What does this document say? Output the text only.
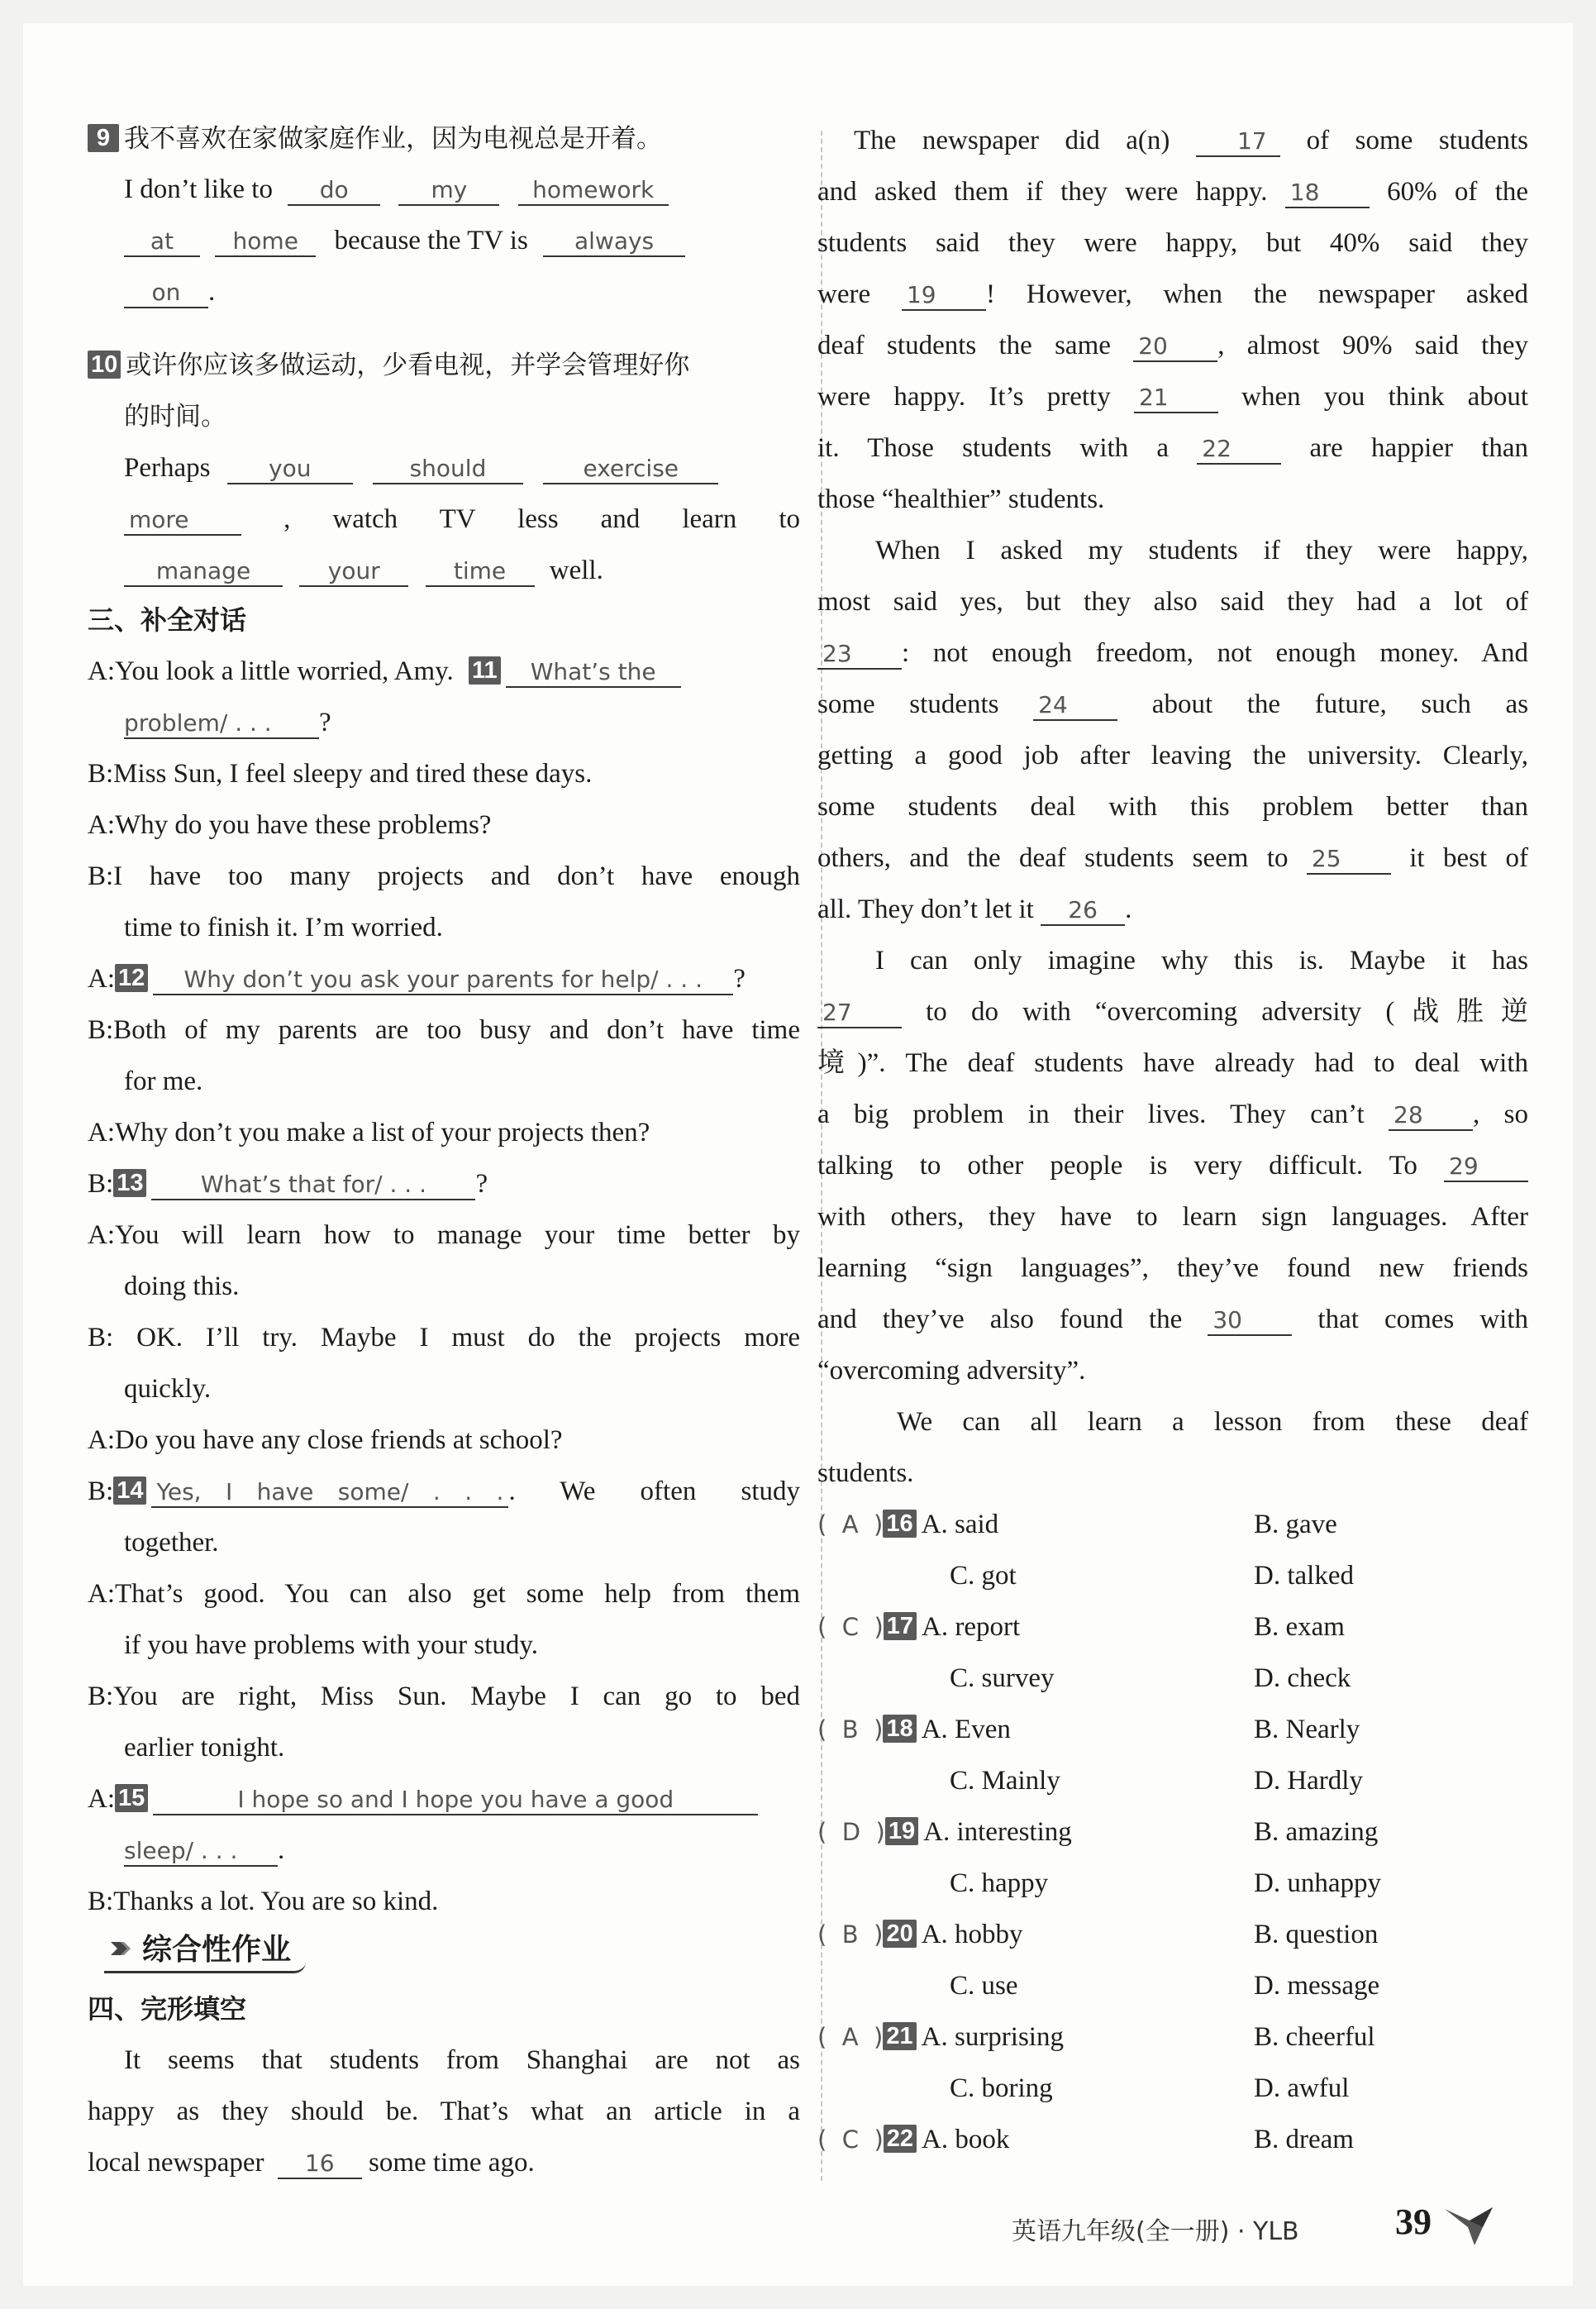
9 我不喜欢在家做家庭作业，因为电视总是开着。
I don’t like to do	my	homework
at	home because the TV is always
on .
10 或许你应该多做运动，少看电视，并学会管理好你
的时间。
Perhaps	you	should	exercise
more	, watch TV less and learn to
manage	your	time well.
三、补全对话
A:You look a little worried, Amy. 11 What’s the
problem/ . . . ?
B:Miss Sun, I feel sleepy and tired these days.
A:Why do you have these problems?
B:I have too many projects and don’t have enough
time to finish it. I’m worried.
A: 12 Why don’t you ask your parents for help/ . . . ?
B:Both of my parents are too busy and don’t have time
for me.
A:Why don’t you make a list of your projects then?
B: 13 What’s that for/ . . . ?
A:You will learn how to manage your time better by
doing this.
B: OK. I’ll try. Maybe I must do the projects more
quickly.
A:Do you have any close friends at school?
B: 14 Yes, I have some/ . . . . We often study
together.
A:That’s good. You can also get some help from them
if you have problems with your study.
B:You are right, Miss Sun. Maybe I can go to bed
earlier tonight.
A: 15	I hope so and I hope you have a good
sleep/ . . . .
B:Thanks a lot. You are so kind.
综合性作业
四、完形填空
It seems that students from Shanghai are not as
happy as they should be. That’s what an article in a
local newspaper 16 some time ago.
The newspaper did a(n)	17 of some students
and asked them if they were happy. 18 60% of the
students said they were happy, but 40% said they
were 19 ! However, when the newspaper asked
deaf students the same 20 , almost 90% said they
were happy. It’s pretty 21	when you think about
it. Those students with a 22	are happier than
those “healthier” students.
When I asked my students if they were happy,
most said yes, but they also said they had a lot of
23 : not enough freedom, not enough money. And
some students 24	about the future, such as
getting a good job after leaving the university. Clearly,
some students deal with this problem better than
others, and the deaf students seem to 25	it best of
all. They don’t let it 26 .
I can only imagine why this is. Maybe it has
27	to do with “overcoming adversity (战胜逆
境)”. The deaf students have already had to deal with
a big problem in their lives. They can’t 28 , so
talking to other people is very difficult. To 29
with others, they have to learn sign languages. After
learning “sign languages”, they’ve found new friends
and they’ve also found the 30	that comes with
“overcoming adversity”.
We can all learn a lesson from these deaf
students.
(  A  ) 16 A. said	B. gave
C. got	D. talked
(  C  ) 17 A. report	B. exam
C. survey	D. check
(  B  ) 18 A. Even	B. Nearly
C. Mainly	D. Hardly
(  D  ) 19 A. interesting	B. amazing
C. happy	D. unhappy
(  B  ) 20 A. hobby	B. question
C. use	D. message
(  A  ) 21 A. surprising	B. cheerful
C. boring	D. awful
(  C  ) 22 A. book	B. dream
英语九年级(全一册) · YLB	39
